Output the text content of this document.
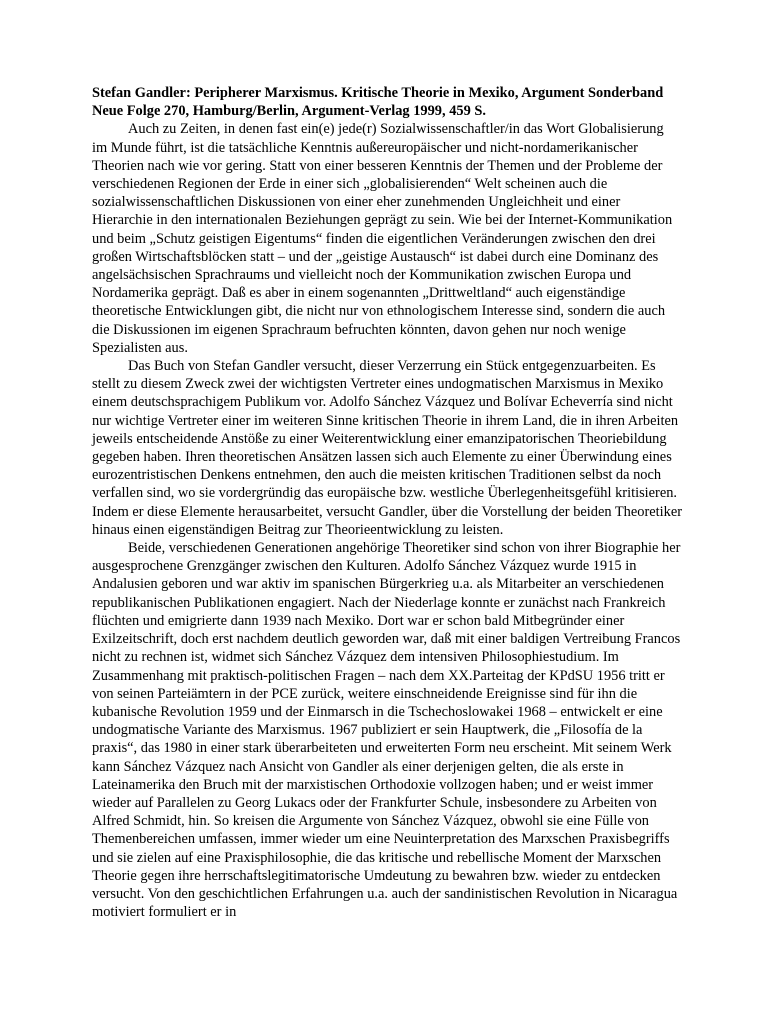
Stefan Gandler: Peripherer Marxismus. Kritische Theorie in Mexiko, Argument Sonderband Neue Folge 270, Hamburg/Berlin, Argument-Verlag 1999, 459 S.

Auch zu Zeiten, in denen fast ein(e) jede(r) Sozialwissenschaftler/in das Wort Globalisierung im Munde führt, ist die tatsächliche Kenntnis außereuropäischer und nicht-nordamerikanischer Theorien nach wie vor gering. Statt von einer besseren Kenntnis der Themen und der Probleme der verschiedenen Regionen der Erde in einer sich „globalisierenden“ Welt scheinen auch die sozialwissenschaftlichen Diskussionen von einer eher zunehmenden Ungleichheit und einer Hierarchie in den internationalen Beziehungen geprägt zu sein. Wie bei der Internet-Kommunikation und beim „Schutz geistigen Eigentums“ finden die eigentlichen Veränderungen zwischen den drei großen Wirtschaftsblöcken statt – und der „geistige Austausch“ ist dabei durch eine Dominanz des angelsächsischen Sprachraums und vielleicht noch der Kommunikation zwischen Europa und Nordamerika geprägt. Daß es aber in einem sogenannten „Drittweltland“ auch eigenständige theoretische Entwicklungen gibt, die nicht nur von ethnologischem Interesse sind, sondern die auch die Diskussionen im eigenen Sprachraum befruchten könnten, davon gehen nur noch wenige Spezialisten aus.

Das Buch von Stefan Gandler versucht, dieser Verzerrung ein Stück entgegenzuarbeiten. Es stellt zu diesem Zweck zwei der wichtigsten Vertreter eines undogmatischen Marxismus in Mexiko einem deutschsprachigem Publikum vor. Adolfo Sánchez Vázquez und Bolívar Echeverría sind nicht nur wichtige Vertreter einer im weiteren Sinne kritischen Theorie in ihrem Land, die in ihren Arbeiten jeweils entscheidende Anstöße zu einer Weiterentwicklung einer emanzipatorischen Theoriebildung gegeben haben. Ihren theoretischen Ansätzen lassen sich auch Elemente zu einer Überwindung eines eurozentristischen Denkens entnehmen, den auch die meisten kritischen Traditionen selbst da noch verfallen sind, wo sie vordergründig das europäische bzw. westliche Überlegenheitsgefühl kritisieren. Indem er diese Elemente herausarbeitet, versucht Gandler, über die Vorstellung der beiden Theoretiker hinaus einen eigenständigen Beitrag zur Theorieentwicklung zu leisten.

Beide, verschiedenen Generationen angehörige Theoretiker sind schon von ihrer Biographie her ausgesprochene Grenzgänger zwischen den Kulturen. Adolfo Sánchez Vázquez wurde 1915 in Andalusien geboren und war aktiv im spanischen Bürgerkrieg u.a. als Mitarbeiter an verschiedenen republikanischen Publikationen engagiert. Nach der Niederlage konnte er zunächst nach Frankreich flüchten und emigrierte dann 1939 nach Mexiko. Dort war er schon bald Mitbegründer einer Exilzeitschrift, doch erst nachdem deutlich geworden war, daß mit einer baldigen Vertreibung Francos nicht zu rechnen ist, widmet sich Sánchez Vázquez dem intensiven Philosophiestudium. Im Zusammenhang mit praktisch-politischen Fragen – nach dem XX.Parteitag der KPdSU 1956 tritt er von seinen Parteiämtern in der PCE zurück, weitere einschneidende Ereignisse sind für ihn die kubanische Revolution 1959 und der Einmarsch in die Tschechoslowakei 1968 – entwickelt er eine undogmatische Variante des Marxismus. 1967 publiziert er sein Hauptwerk, die „Filosofía de la praxis“, das 1980 in einer stark überarbeiteten und erweiterten Form neu erscheint. Mit seinem Werk kann Sánchez Vázquez nach Ansicht von Gandler als einer derjenigen gelten, die als erste in Lateinamerika den Bruch mit der marxistischen Orthodoxie vollzogen haben; und er weist immer wieder auf Parallelen zu Georg Lukacs oder der Frankfurter Schule, insbesondere zu Arbeiten von Alfred Schmidt, hin. So kreisen die Argumente von Sánchez Vázquez, obwohl sie eine Fülle von Themenbereichen umfassen, immer wieder um eine Neuinterpretation des Marxschen Praxisbegriffs und sie zielen auf eine Praxisphilosophie, die das kritische und rebellische Moment der Marxschen Theorie gegen ihre herrschaftslegitimatorische Umdeutung zu bewahren bzw. wieder zu entdecken versucht. Von den geschichtlichen Erfahrungen u.a. auch der sandinistischen Revolution in Nicaragua motiviert formuliert er in
